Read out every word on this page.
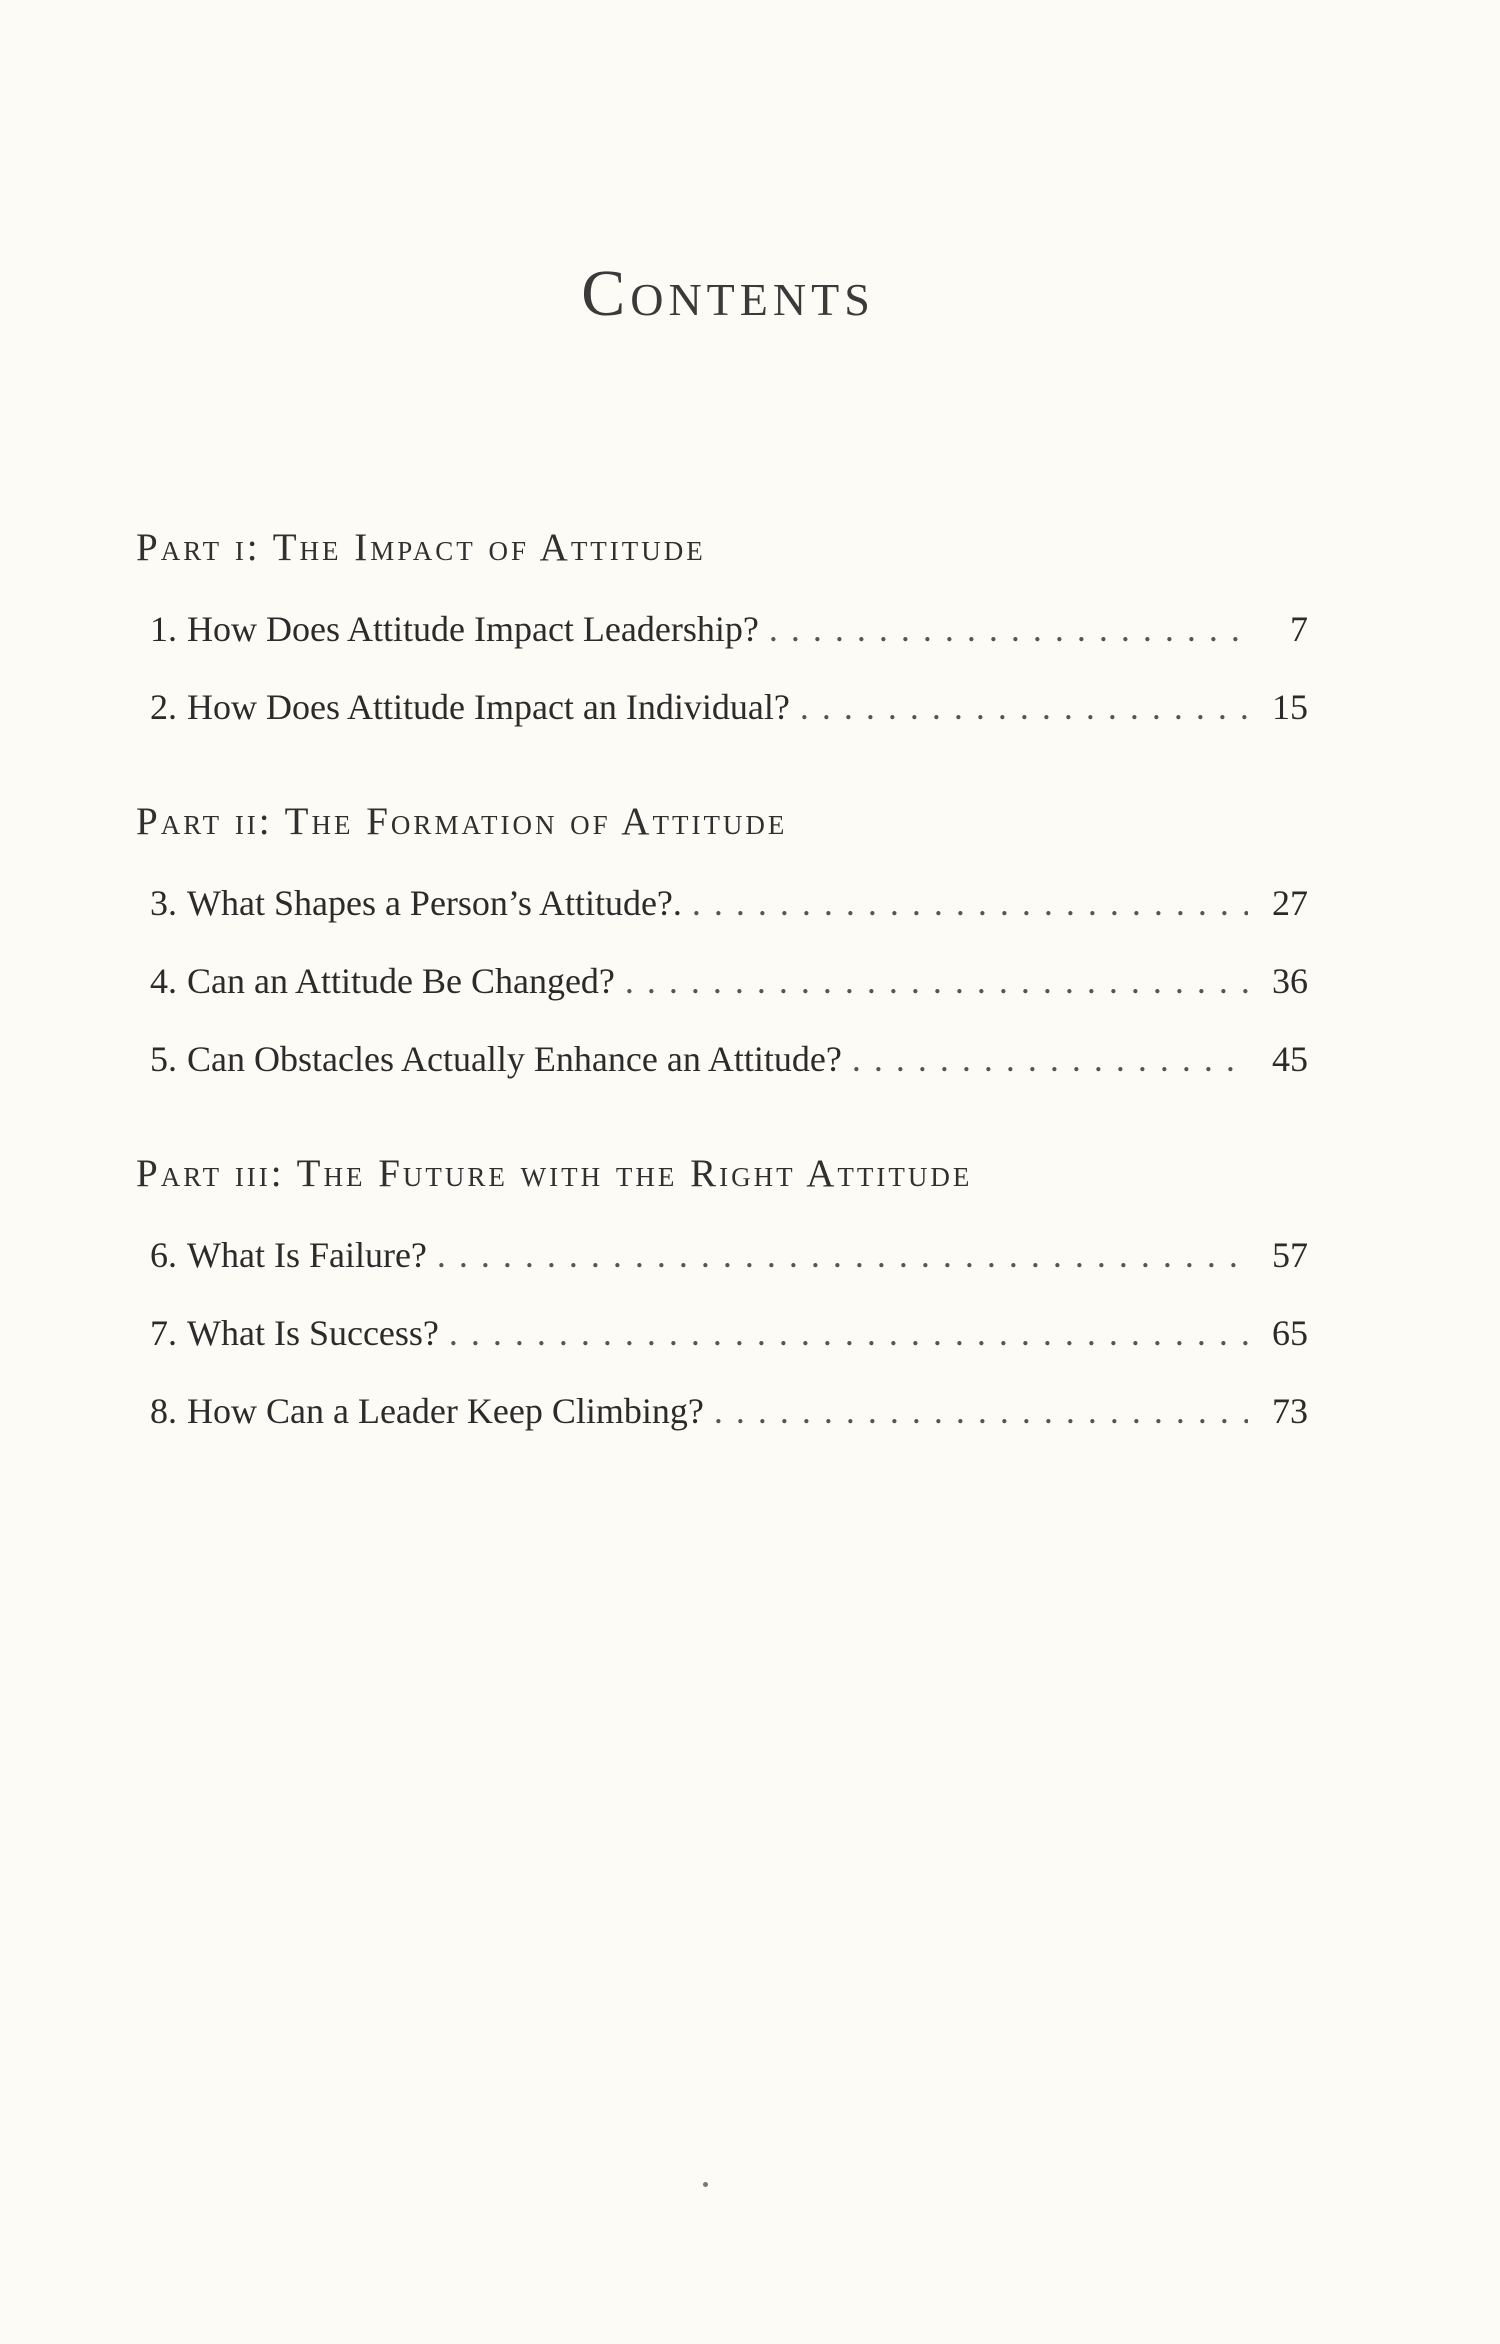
Contents
Part i: The Impact of Attitude
1. How Does Attitude Impact Leadership? . . .	7
2. How Does Attitude Impact an Individual? . . .	15
Part ii: The Formation of Attitude
3. What Shapes a Person’s Attitude?. . . .	27
4. Can an Attitude Be Changed? . . .	36
5. Can Obstacles Actually Enhance an Attitude? . . .	45
Part iii: The Future with the Right Attitude
6. What Is Failure? . . .	57
7. What Is Success? . . .	65
8. How Can a Leader Keep Climbing? . . .	73
